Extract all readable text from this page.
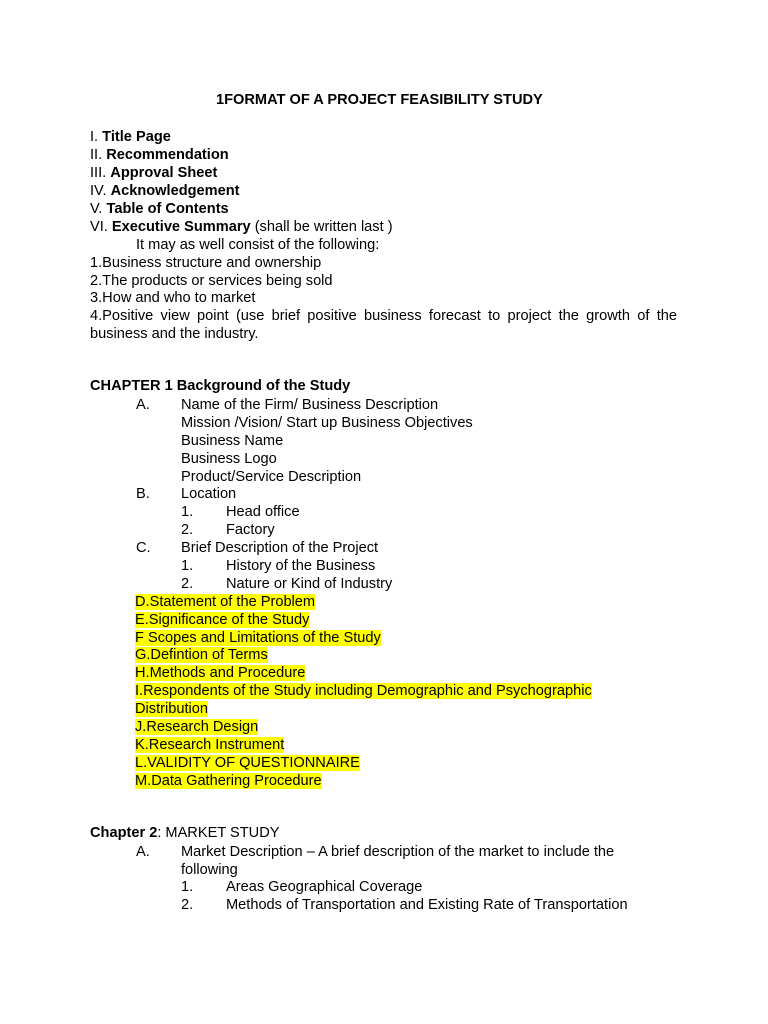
1FORMAT OF A PROJECT FEASIBILITY STUDY
I. Title Page
II. Recommendation
III. Approval Sheet
IV. Acknowledgement
V. Table of Contents
VI. Executive Summary (shall be written last )
It may as well consist of the following:
1.Business structure and ownership
2.The products or services being sold
3.How and who to market
4.Positive view point (use brief positive business forecast to project the growth of the
business and the industry.
CHAPTER 1 Background of the Study
A. Name of the Firm/ Business Description
Mission /Vision/ Start up Business Objectives
Business Name
Business Logo
Product/Service Description
B. Location
1. Head office
2. Factory
C. Brief Description of the Project
1. History of the Business
2. Nature or Kind of Industry
D.Statement of the Problem
E.Significance of the Study
F Scopes and Limitations of the Study
G.Defintion of Terms
H.Methods and Procedure
I.Respondents of the Study including Demographic and Psychographic
Distribution
J.Research Design
K.Research Instrument
L.VALIDITY OF QUESTIONNAIRE
M.Data Gathering Procedure
Chapter 2: MARKET STUDY
A. Market Description – A brief description of the market to include the
following
1. Areas Geographical Coverage
2. Methods of Transportation and Existing Rate of Transportation
